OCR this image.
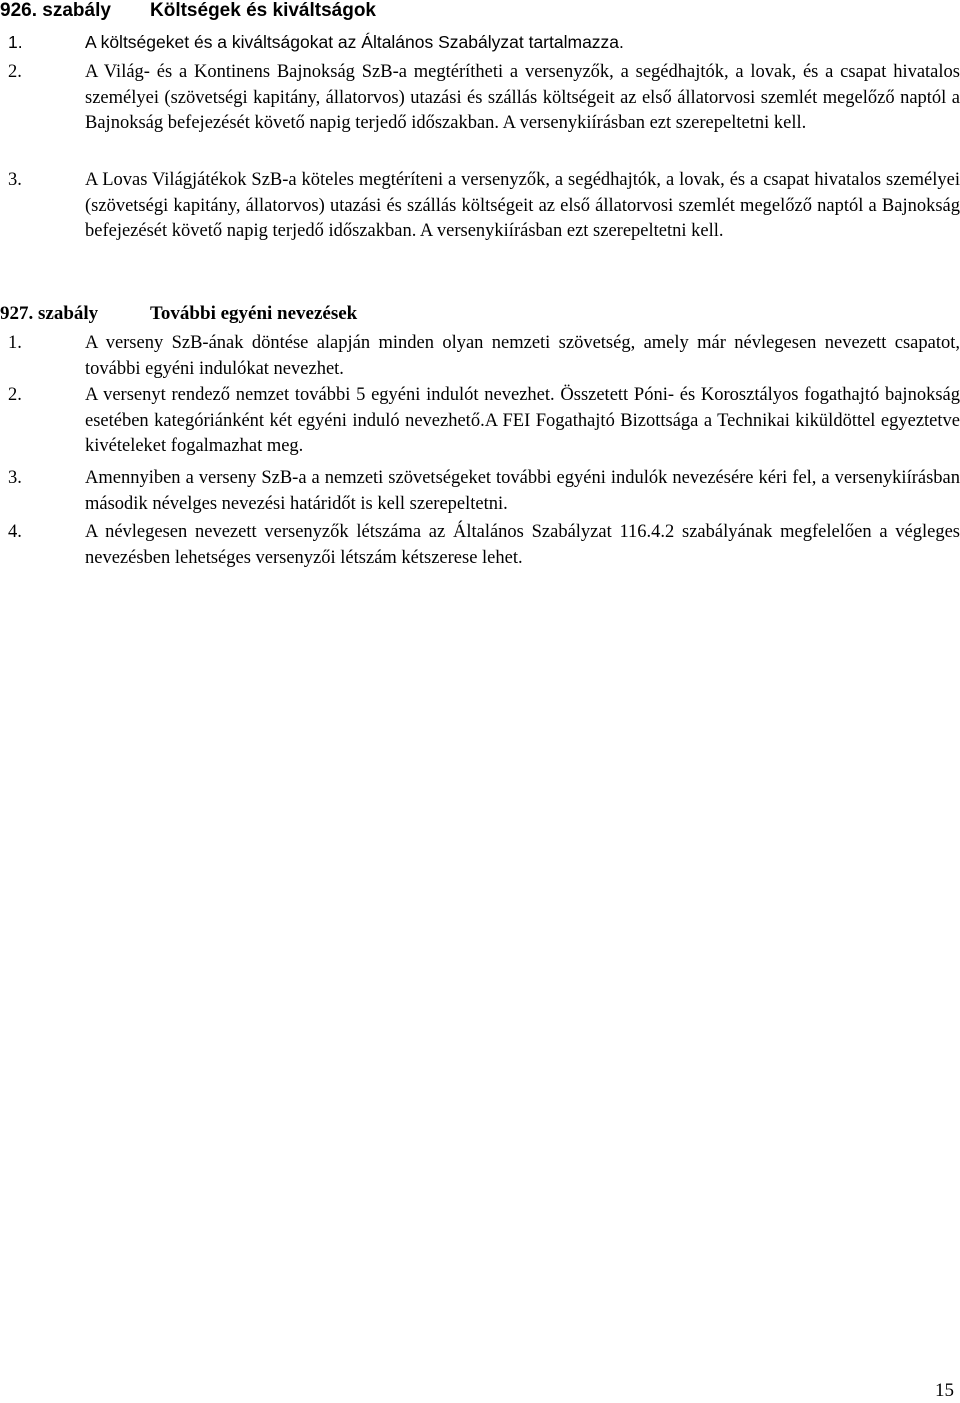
926. szabály Költségek és kiváltságok
1.	A költségeket és a kiváltságokat az Általános Szabályzat tartalmazza.
2.	A Világ- és a Kontinens Bajnokság SzB-a megtérítheti a versenyzők, a segédhajtók, a lovak, és a csapat hivatalos személyei (szövetségi kapitány, állatorvos) utazási és szállás költségeit az első állatorvosi szemlét megelőző naptól a Bajnokság befejezését követő napig terjedő időszakban. A versenykiírásban ezt szerepeltetni kell.
3.	A Lovas Világjátékok SzB-a köteles megtéríteni a versenyzők, a segédhajtók, a lovak, és a csapat hivatalos személyei (szövetségi kapitány, állatorvos) utazási és szállás költségeit az első állatorvosi szemlét megelőző naptól a Bajnokság befejezését követő napig terjedő időszakban. A versenykiírásban ezt szerepeltetni kell.
927. szabály	További egyéni nevezések
1.	A verseny SzB-ának döntése alapján minden olyan nemzeti szövetség, amely már névlegesen nevezett csapatot, további egyéni indulókat nevezhet.
2.	A versenyt rendező nemzet további 5 egyéni indulót nevezhet. Összetett Póni- és Korosztályos fogathajtó bajnokság esetében kategóriánként két egyéni induló nevezhető.A FEI Fogathajtó Bizottsága a Technikai kiküldöttel egyeztetve kivételeket fogalmazhat meg.
3.	Amennyiben a verseny SzB-a a nemzeti szövetségeket további egyéni indulók nevezésére kéri fel, a versenykiírásban második névelges nevezési határidőt is kell szerepeltetni.
4.	A névlegesen nevezett versenyzők létszáma az Általános Szabályzat 116.4.2 szabályának megfelelően a végleges nevezésben lehetséges versenyzői létszám kétszerese lehet.
15
